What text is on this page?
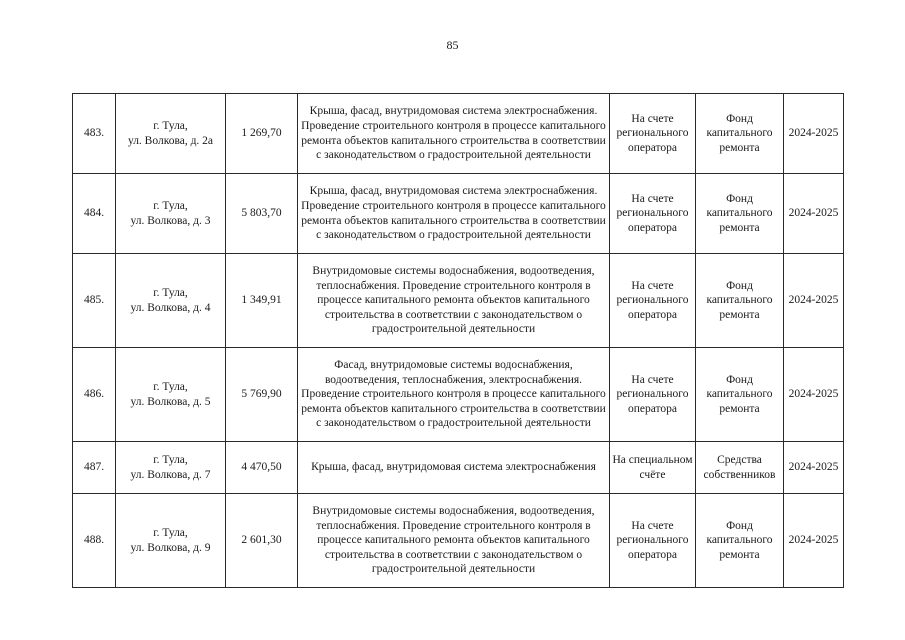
85
483.	г. Тула,
ул. Волкова, д. 2а	1 269,70	Крыша, фасад, внутридомовая система электроснабжения. Проведение строительного контроля в процессе капитального ремонта объектов капитального строительства в соответствии с законодательством о градостроительной деятельности	На счете регионального оператора	Фонд капитального ремонта	2024-2025
484.	г. Тула,
ул. Волкова, д. 3	5 803,70	Крыша, фасад, внутридомовая система электроснабжения. Проведение строительного контроля в процессе капитального ремонта объектов капитального строительства в соответствии с законодательством о градостроительной деятельности	На счете регионального оператора	Фонд капитального ремонта	2024-2025
485.	г. Тула,
ул. Волкова, д. 4	1 349,91	Внутридомовые системы водоснабжения, водоотведения, теплоснабжения. Проведение строительного контроля в процессе капитального ремонта объектов капитального строительства в соответствии с законодательством о градостроительной деятельности	На счете регионального оператора	Фонд капитального ремонта	2024-2025
486.	г. Тула,
ул. Волкова, д. 5	5 769,90	Фасад, внутридомовые системы водоснабжения, водоотведения, теплоснабжения, электроснабжения. Проведение строительного контроля в процессе капитального ремонта объектов капитального строительства в соответствии с законодательством о градостроительной деятельности	На счете регионального оператора	Фонд капитального ремонта	2024-2025
487.	г. Тула,
ул. Волкова, д. 7	4 470,50	Крыша, фасад, внутридомовая система электроснабжения	На специальном счёте	Средства собственников	2024-2025
488.	г. Тула,
ул. Волкова, д. 9	2 601,30	Внутридомовые системы водоснабжения, водоотведения, теплоснабжения. Проведение строительного контроля в процессе капитального ремонта объектов капитального строительства в соответствии с законодательством о градостроительной деятельности	На счете регионального оператора	Фонд капитального ремонта	2024-2025
